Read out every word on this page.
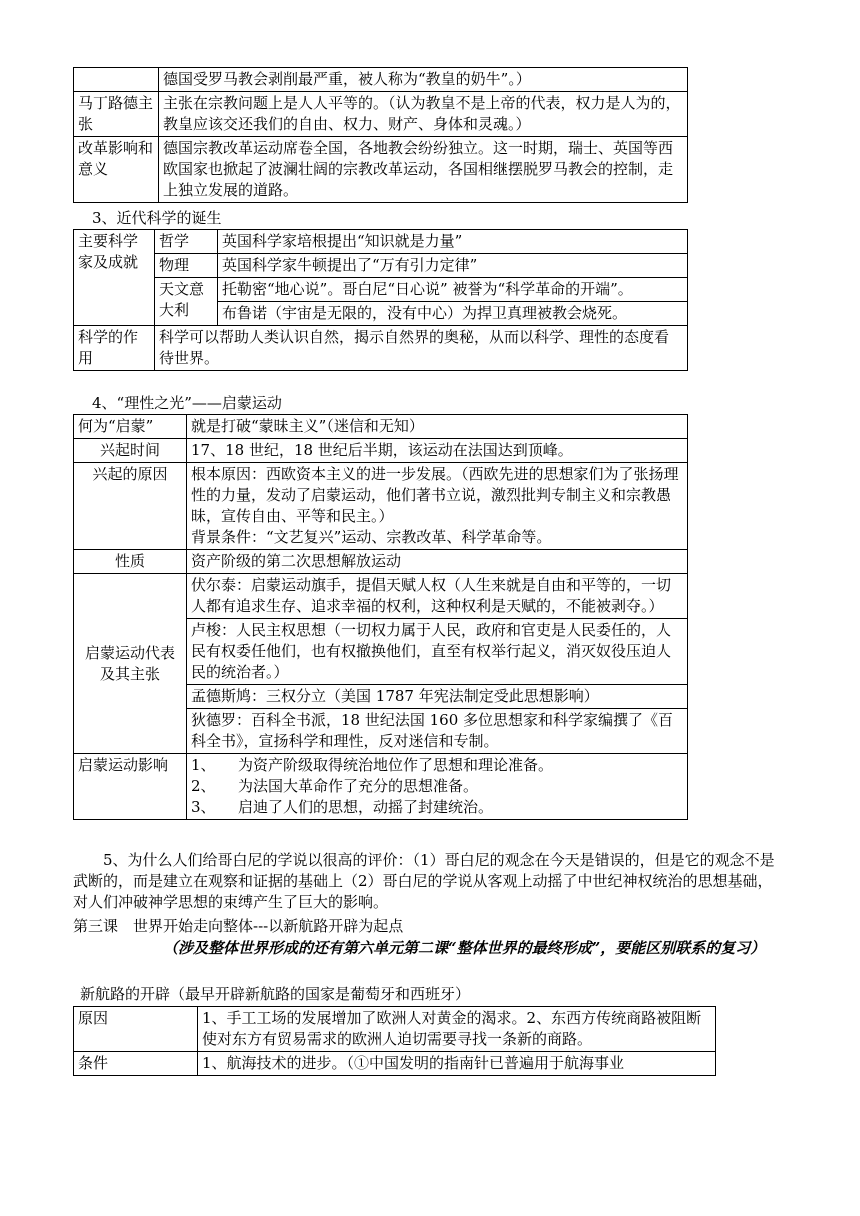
	德国受罗马教会剥削最严重，被人称为“教皇的奶牛”。）
马丁路德主张	主张在宗教问题上是人人平等的。（认为教皇不是上帝的代表，权力是人为的，教皇应该交还我们的自由、权力、财产、身体和灵魂。）
改革影响和意义	德国宗教改革运动席卷全国，各地教会纷纷独立。这一时期，瑞士、英国等西欧国家也掀起了波澜壮阔的宗教改革运动，各国相继摆脱罗马教会的控制，走上独立发展的道路。
3、近代科学的诞生
主要科学家及成就	哲学	英国科学家培根提出“知识就是力量”
	物理	英国科学家牛顿提出了“万有引力定律”
	天文意大利	托勒密“地心说”。哥白尼“日心说” 被誉为“科学革命的开端”。
		布鲁诺（宇宙是无限的，没有中心）为捍卫真理被教会烧死。
科学的作用	科学可以帮助人类认识自然，揭示自然界的奥秘，从而以科学、理性的态度看待世界。	
4、“理性之光”——启蒙运动
何为“启蒙”	就是打破“蒙昧主义”（迷信和无知）
兴起时间	17、18 世纪，18 世纪后半期，该运动在法国达到顶峰。
兴起的原因	根本原因：西欧资本主义的进一步发展。（西欧先进的思想家们为了张扬理性的力量，发动了启蒙运动，他们著书立说，激烈批判专制主义和宗教愚昧，宣传自由、平等和民主。）
背景条件：“文艺复兴”运动、宗教改革、科学革命等。

性质	资产阶级的第二次思想解放运动
启蒙运动代表及其主张	伏尔泰：启蒙运动旗手，提倡天赋人权（人生来就是自由和平等的，一切人都有追求生存、追求幸福的权利，这种权利是天赋的，不能被剥夺。）
	卢梭：人民主权思想（一切权力属于人民，政府和官吏是人民委任的，人民有权委任他们，也有权撤换他们，直至有权举行起义，消灭奴役压迫人民的统治者。）
	孟德斯鸠：三权分立（美国 1787 年宪法制定受此思想影响）
	狄德罗：百科全书派，18 世纪法国 160 多位思想家和科学家编撰了《百科全书》，宣扬科学和理性，反对迷信和专制。
启蒙运动影响	1、　　为资产阶级取得统治地位作了思想和理论准备。
2、　　为法国大革命作了充分的思想准备。
3、　　启迪了人们的思想，动摇了封建统治。
5、为什么人们给哥白尼的学说以很高的评价：（1）哥白尼的观念在今天是错误的，但是它的观念不是武断的，而是建立在观察和证据的基础上（2）哥白尼的学说从客观上动摇了中世纪神权统治的思想基础，对人们冲破神学思想的束缚产生了巨大的影响。
第三课　世界开始走向整体---以新航路开辟为起点
（涉及整体世界形成的还有第六单元第二课“整体世界的最终形成”，要能区别联系的复习）
新航路的开辟（最早开辟新航路的国家是葡萄牙和西班牙）
原因	1、手工工场的发展增加了欧洲人对黄金的渴求。2、东西方传统商路被阻断使对东方有贸易需求的欧洲人迫切需要寻找一条新的商路。
条件	1、航海技术的进步。（①中国发明的指南针已普遍用于航海事业
